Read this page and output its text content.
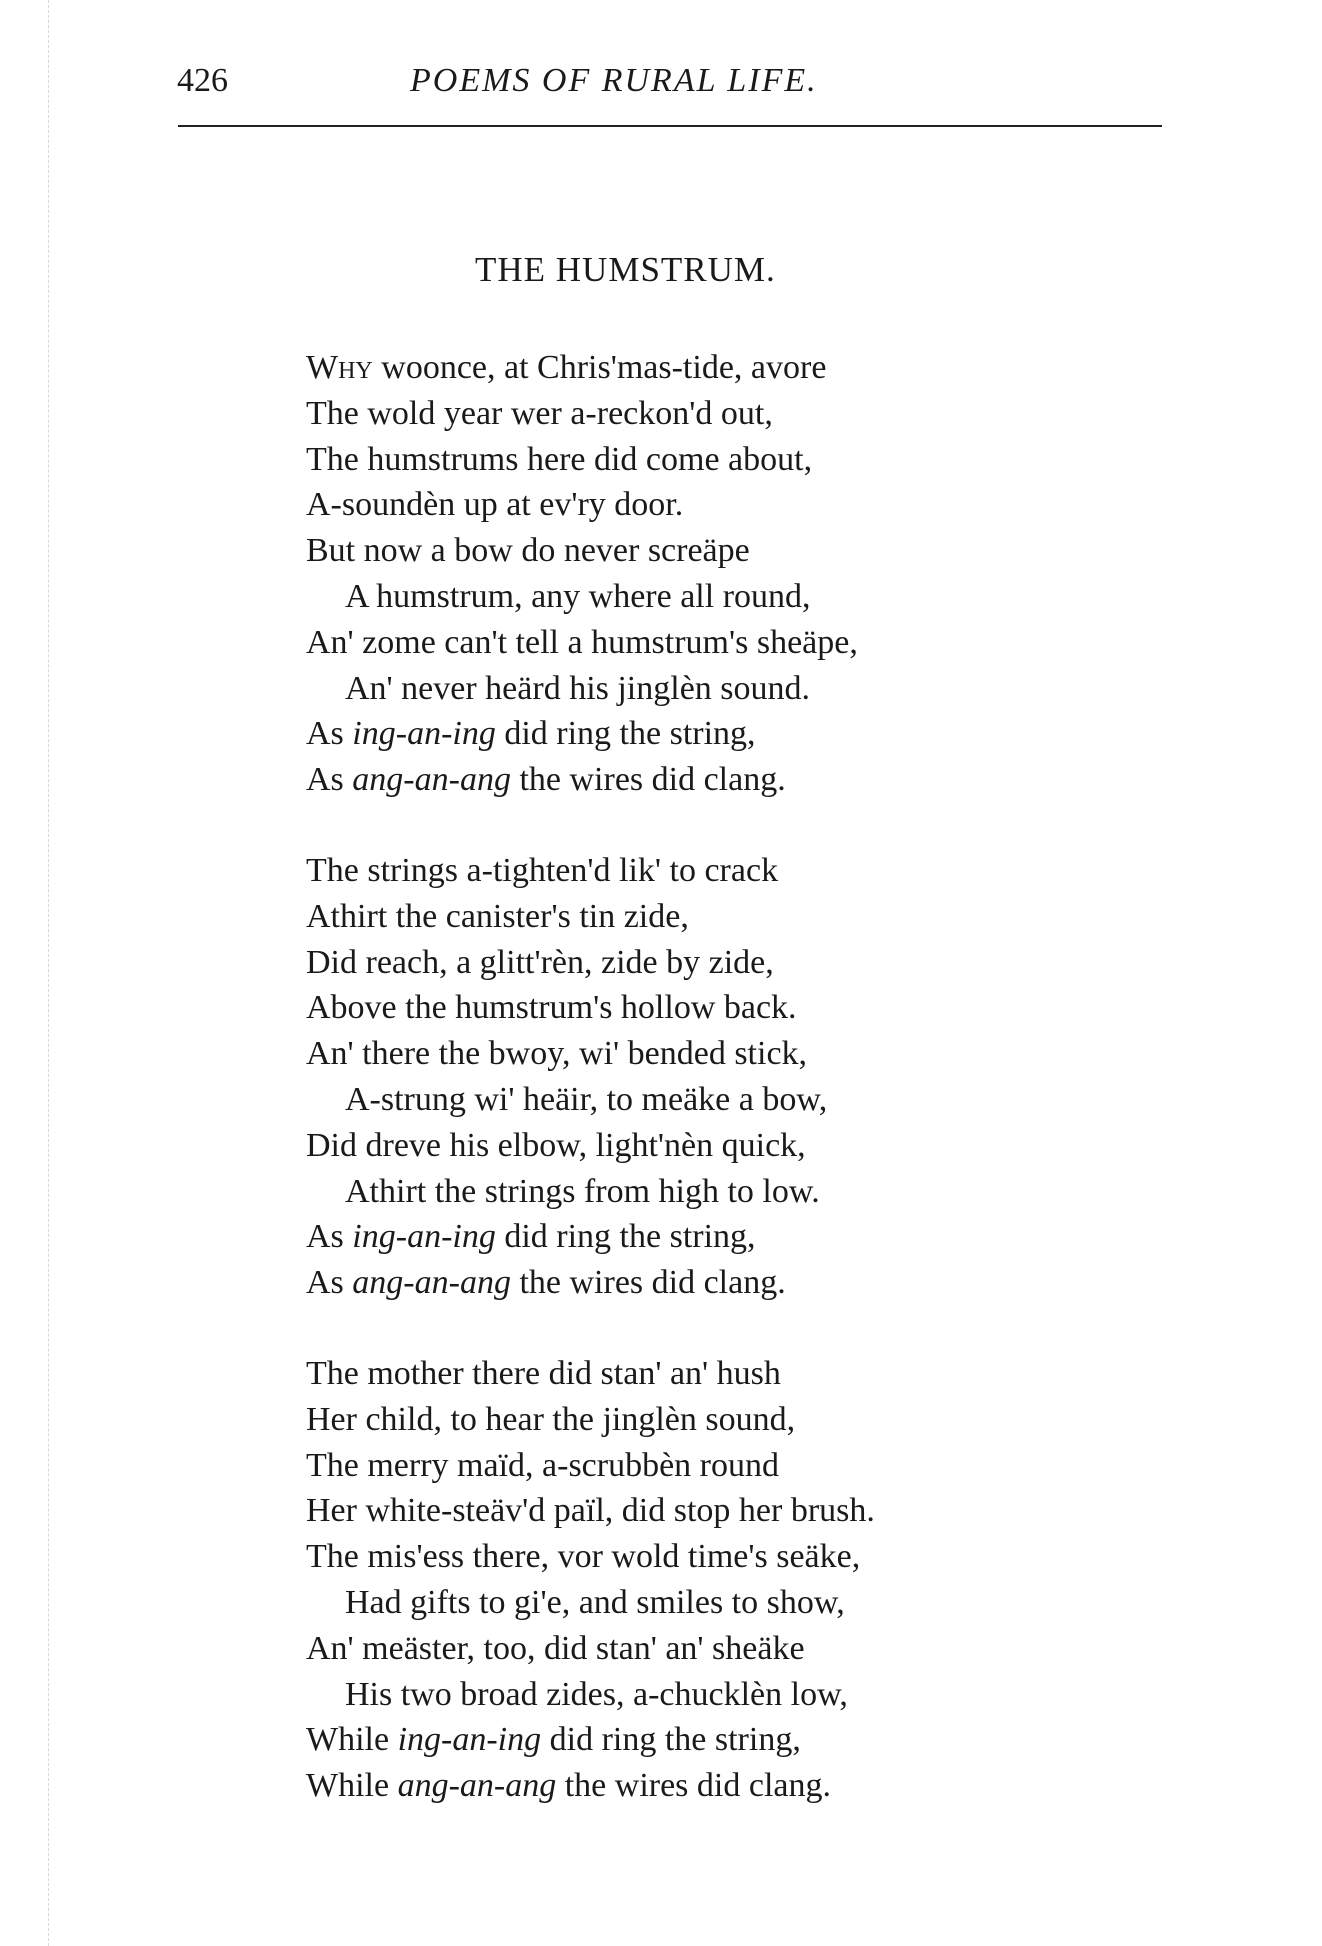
426	POEMS OF RURAL LIFE.
THE HUMSTRUM.
Why woonce, at Chris'mas-tide, avore
The wold year wer a-reckon'd out,
The humstrums here did come about,
A-soundèn up at ev'ry door.
But now a bow do never screäpe
A humstrum, any where all round,
An' zome can't tell a humstrum's sheäpe,
An' never heärd his jinglèn sound.
As ing-an-ing did ring the string,
As ang-an-ang the wires did clang.
The strings a-tighten'd lik' to crack
Athirt the canister's tin zide,
Did reach, a glitt'rèn, zide by zide,
Above the humstrum's hollow back.
An' there the bwoy, wi' bended stick,
A-strung wi' heäir, to meäke a bow,
Did dreve his elbow, light'nèn quick,
Athirt the strings from high to low.
As ing-an-ing did ring the string,
As ang-an-ang the wires did clang.
The mother there did stan' an' hush
Her child, to hear the jinglèn sound,
The merry maïd, a-scrubbèn round
Her white-steäv'd païl, did stop her brush.
The mis'ess there, vor wold time's seäke,
Had gifts to gi'e, and smiles to show,
An' meäster, too, did stan' an' sheäke
His two broad zides, a-chucklèn low,
While ing-an-ing did ring the string,
While ang-an-ang the wires did clang.
